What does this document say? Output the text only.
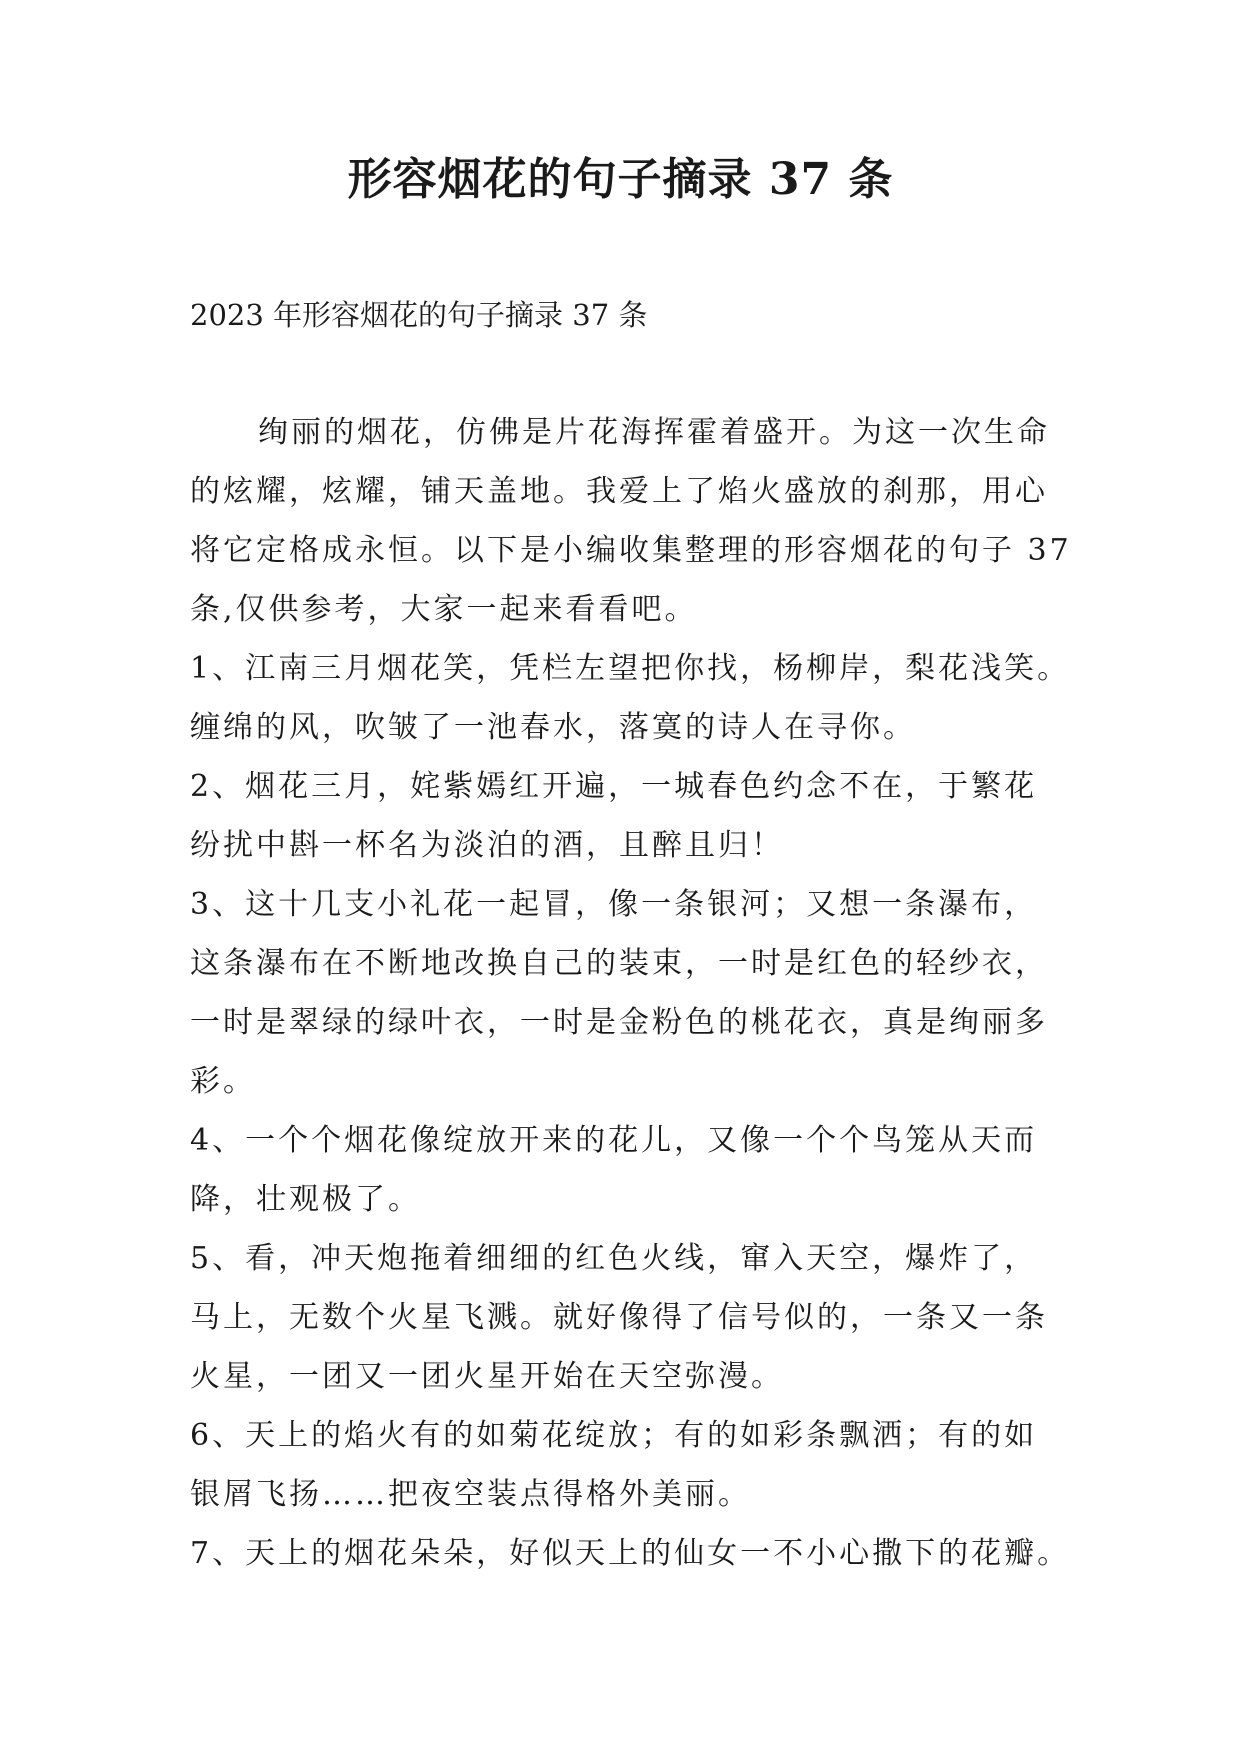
形容烟花的句子摘录 37 条
2023 年形容烟花的句子摘录 37 条
绚丽的烟花，仿佛是片花海挥霍着盛开。为这一次生命
的炫耀，炫耀，铺天盖地。我爱上了焰火盛放的刹那，用心
将它定格成永恒。以下是小编收集整理的形容烟花的句子 37
条,仅供参考，大家一起来看看吧。
1、江南三月烟花笑，凭栏左望把你找，杨柳岸，梨花浅笑。
缠绵的风，吹皱了一池春水，落寞的诗人在寻你。
2、烟花三月，姹紫嫣红开遍，一城春色约念不在，于繁花
纷扰中斟一杯名为淡泊的酒，且醉且归！
3、这十几支小礼花一起冒，像一条银河；又想一条瀑布，
这条瀑布在不断地改换自己的装束，一时是红色的轻纱衣，
一时是翠绿的绿叶衣，一时是金粉色的桃花衣，真是绚丽多
彩。
4、一个个烟花像绽放开来的花儿，又像一个个鸟笼从天而
降，壮观极了。
5、看，冲天炮拖着细细的红色火线，窜入天空，爆炸了，
马上，无数个火星飞溅。就好像得了信号似的，一条又一条
火星，一团又一团火星开始在天空弥漫。
6、天上的焰火有的如菊花绽放；有的如彩条飘洒；有的如
银屑飞扬……把夜空装点得格外美丽。
7、天上的烟花朵朵，好似天上的仙女一不小心撒下的花瓣。
